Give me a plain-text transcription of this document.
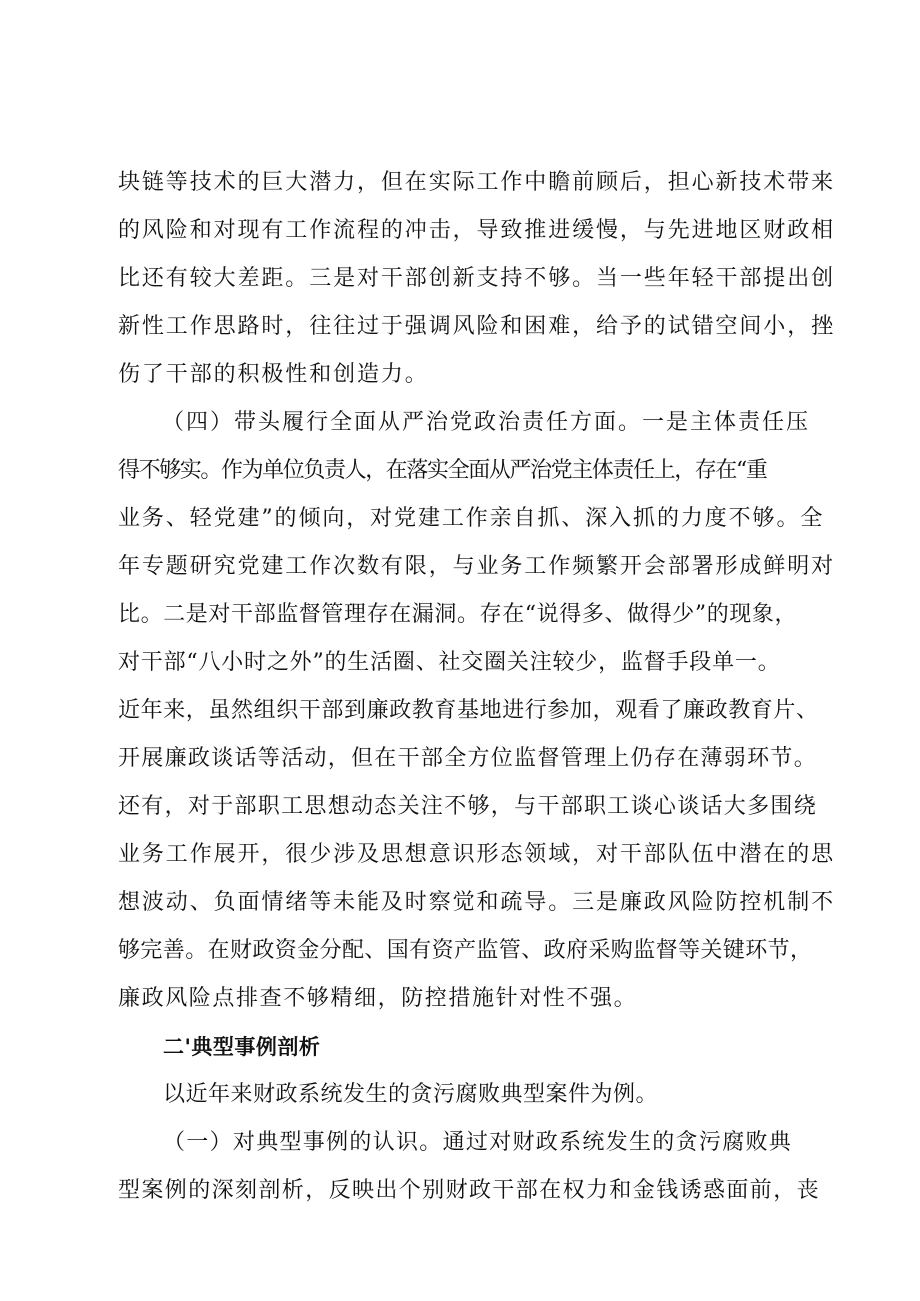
块链等技术的巨大潜力，但在实际工作中瞻前顾后，担心新技术带来
的风险和对现有工作流程的冲击，导致推进缓慢，与先进地区财政相
比还有较大差距。三是对干部创新支持不够。当一些年轻干部提出创
新性工作思路时，往往过于强调风险和困难，给予的试错空间小，挫
伤了干部的积极性和创造力。
（四）带头履行全面从严治党政治责任方面。一是主体责任压
得不够实。作为单位负责人，在落实全面从严治党主体责任上，存在“重
业务、轻党建”的倾向，对党建工作亲自抓、深入抓的力度不够。全
年专题研究党建工作次数有限，与业务工作频繁开会部署形成鲜明对
比。二是对干部监督管理存在漏洞。存在“说得多、做得少”的现象，
对干部“八小时之外”的生活圈、社交圈关注较少，监督手段单一。
近年来，虽然组织干部到廉政教育基地进行参加，观看了廉政教育片、
开展廉政谈话等活动，但在干部全方位监督管理上仍存在薄弱环节。
还有，对于部职工思想动态关注不够，与干部职工谈心谈话大多围绕
业务工作展开，很少涉及思想意识形态领域，对干部队伍中潜在的思
想波动、负面情绪等未能及时察觉和疏导。三是廉政风险防控机制不
够完善。在财政资金分配、国有资产监管、政府采购监督等关键环节，
廉政风险点排查不够精细，防控措施针对性不强。
二'典型事例剖析
以近年来财政系统发生的贪污腐败典型案件为例。
（一）对典型事例的认识。通过对财政系统发生的贪污腐败典
型案例的深刻剖析，反映出个别财政干部在权力和金钱诱惑面前，丧
